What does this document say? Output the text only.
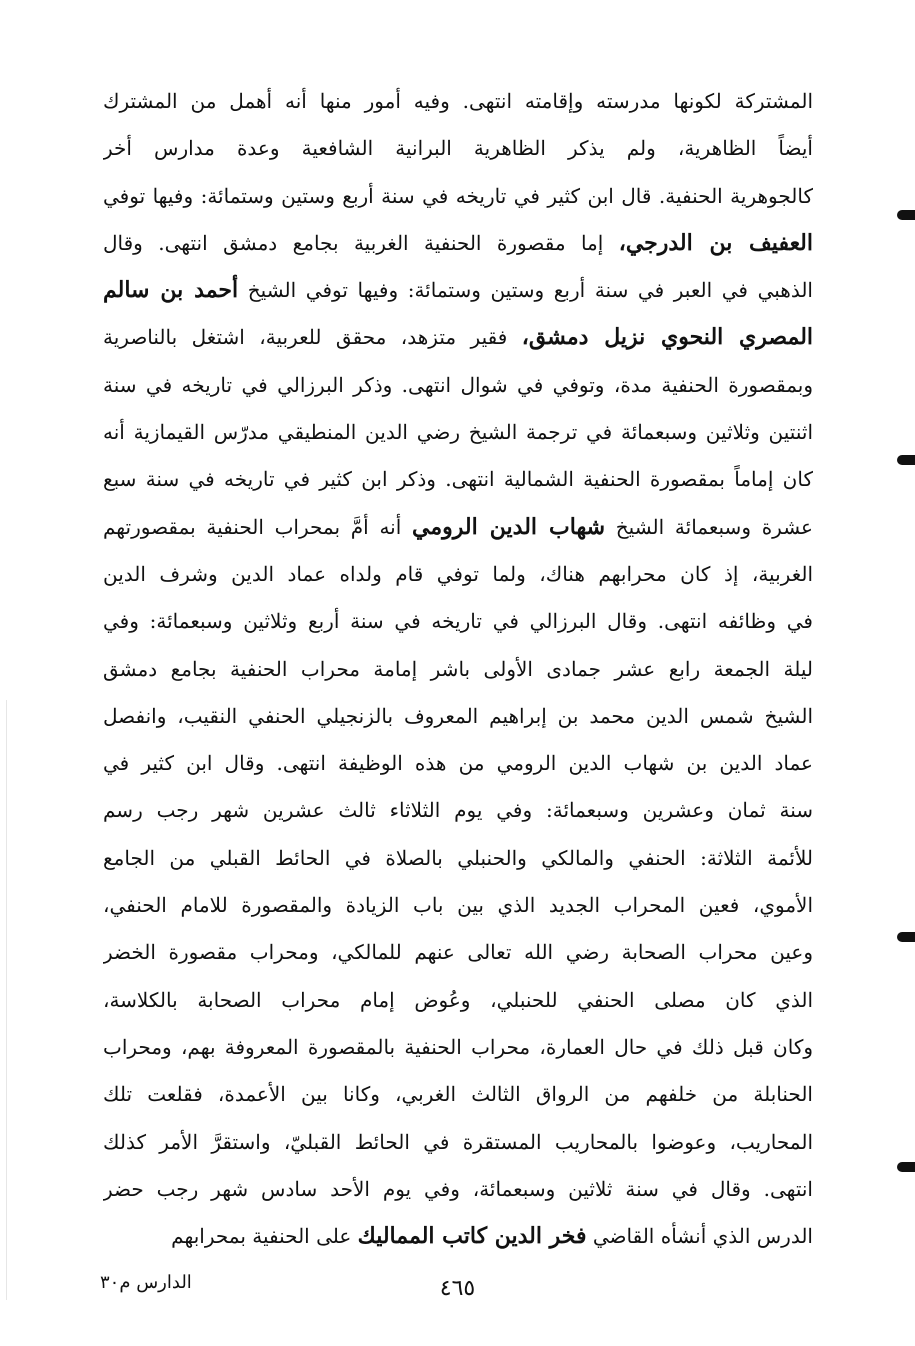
المشتركة لكونها مدرسته وإقامته انتهى. وفيه أمور منها أنه أهمل من المشترك
أيضاً الظاهرية، ولم يذكر الظاهرية البرانية الشافعية وعدة مدارس أخر
كالجوهرية الحنفية. قال ابن كثير في تاريخه في سنة أربع وستين وستمائة: وفيها توفي
العفيف بن الدرجي، إما مقصورة الحنفية الغربية بجامع دمشق انتهى. وقال
الذهبي في العبر في سنة أربع وستين وستمائة: وفيها توفي الشيخ أحمد بن سالم
المصري النحوي نزيل دمشق، فقير متزهد، محقق للعربية، اشتغل بالناصرية
وبمقصورة الحنفية مدة، وتوفي في شوال انتهى. وذكر البرزالي في تاريخه في سنة
اثنتين وثلاثين وسبعمائة في ترجمة الشيخ رضي الدين المنطيقي مدرّس القيمازية أنه
كان إماماً بمقصورة الحنفية الشمالية انتهى. وذكر ابن كثير في تاريخه في سنة سبع
عشرة وسبعمائة الشيخ شهاب الدين الرومي أنه أمَّ بمحراب الحنفية بمقصورتهم
الغربية، إذ كان محرابهم هناك، ولما توفي قام ولداه عماد الدين وشرف الدين
في وظائفه انتهى. وقال البرزالي في تاريخه في سنة أربع وثلاثين وسبعمائة: وفي
ليلة الجمعة رابع عشر جمادى الأولى باشر إمامة محراب الحنفية بجامع دمشق
الشيخ شمس الدين محمد بن إبراهيم المعروف بالزنجيلي الحنفي النقيب، وانفصل
عماد الدين بن شهاب الدين الرومي من هذه الوظيفة انتهى. وقال ابن كثير في
سنة ثمان وعشرين وسبعمائة: وفي يوم الثلاثاء ثالث عشرين شهر رجب رسم
للأئمة الثلاثة: الحنفي والمالكي والحنبلي بالصلاة في الحائط القبلي من الجامع
الأموي، فعين المحراب الجديد الذي بين باب الزيادة والمقصورة للامام الحنفي،
وعين محراب الصحابة رضي الله تعالى عنهم للمالكي، ومحراب مقصورة الخضر
الذي كان مصلى الحنفي للحنبلي، وعُوض إمام محراب الصحابة بالكلاسة،
وكان قبل ذلك في حال العمارة، محراب الحنفية بالمقصورة المعروفة بهم، ومحراب
الحنابلة من خلفهم من الرواق الثالث الغربي، وكانا بين الأعمدة، فقلعت تلك
المحاريب، وعوضوا بالمحاريب المستقرة في الحائط القبليّ، واستقرَّ الأمر كذلك
انتهى. وقال في سنة ثلاثين وسبعمائة، وفي يوم الأحد سادس شهر رجب حضر
الدرس الذي أنشأه القاضي فخر الدين كاتب المماليك على الحنفية بمحرابهم
٤٦٥
الدارس م٣٠
